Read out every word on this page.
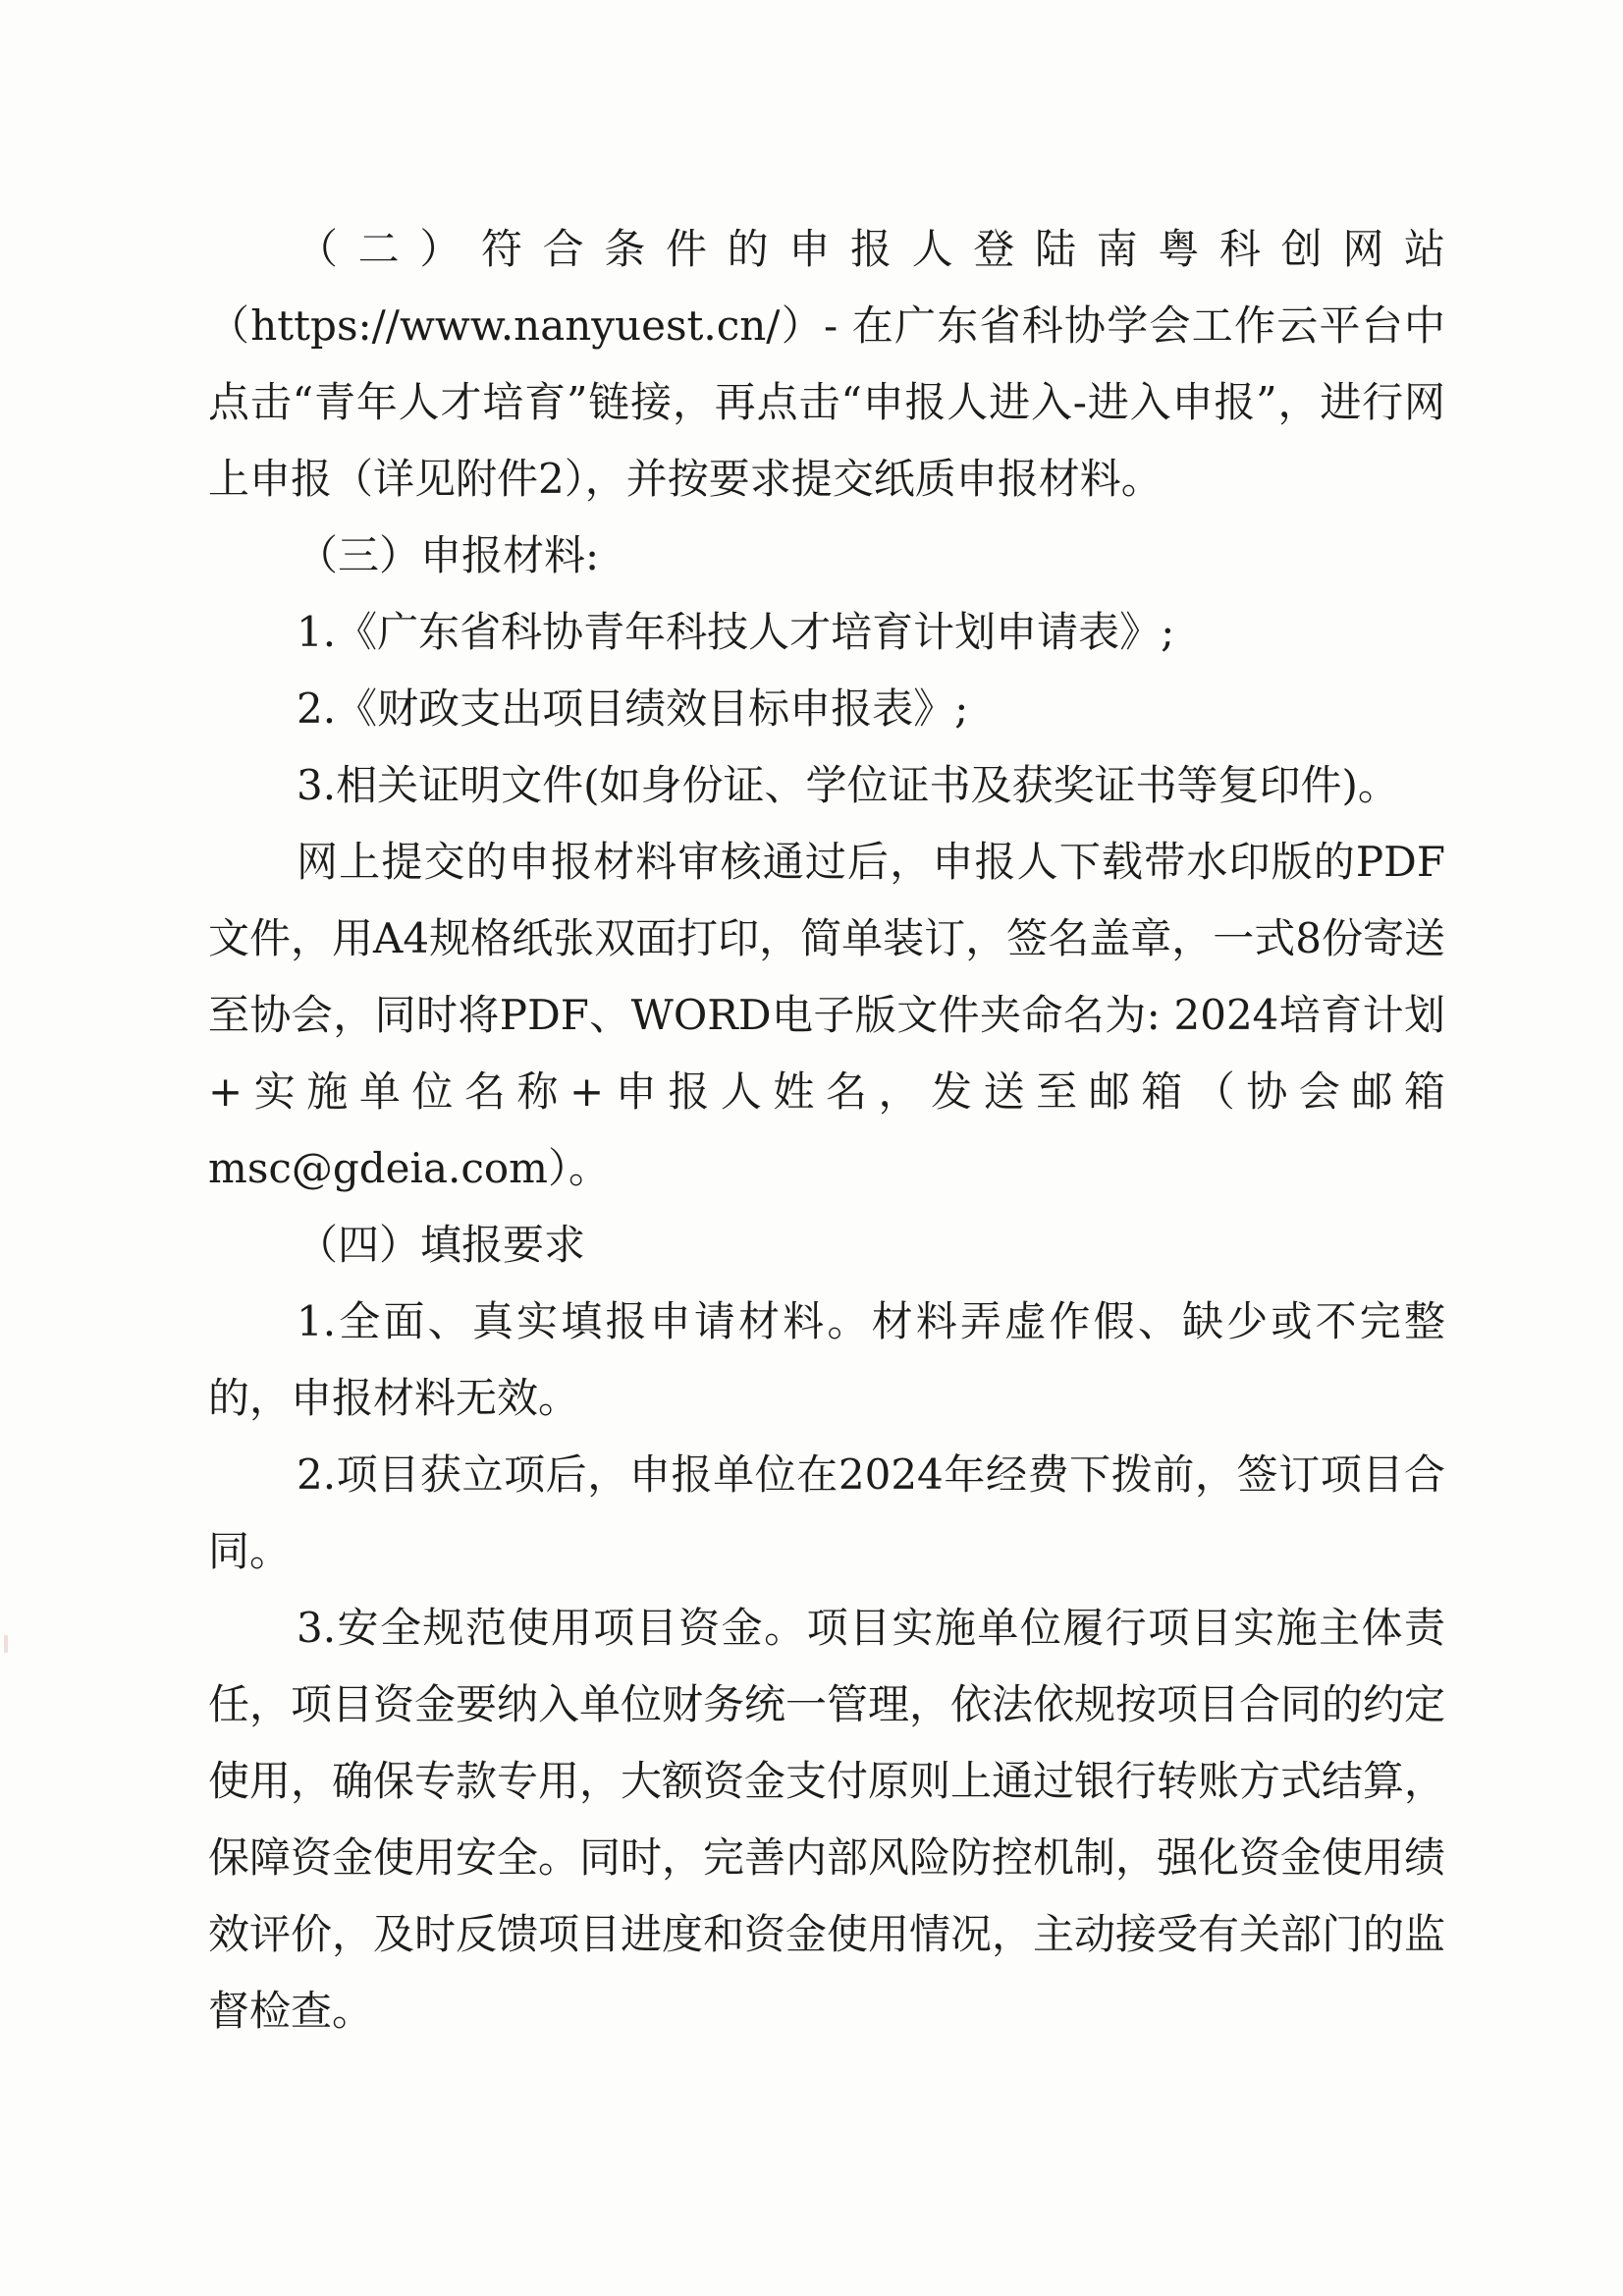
（二）符合条件的申报人登陆南粤科创网站（https://www.nanyuest.cn/）- 在广东省科协学会工作云平台中点击“青年人才培育”链接，再点击“申报人进入-进入申报”，进行网上申报（详见附件2），并按要求提交纸质申报材料。

（三）申报材料:

1.《广东省科协青年科技人才培育计划申请表》;

2.《财政支出项目绩效目标申报表》;

3.相关证明文件(如身份证、学位证书及获奖证书等复印件)。

网上提交的申报材料审核通过后，申报人下载带水印版的PDF文件，用A4规格纸张双面打印，简单装订，签名盖章，一式8份寄送至协会，同时将PDF、WORD电子版文件夹命名为: 2024培育计划+实施单位名称+申报人姓名，发送至邮箱（协会邮箱msc@gdeia.com）。

（四）填报要求

1.全面、真实填报申请材料。材料弄虚作假、缺少或不完整的，申报材料无效。

2.项目获立项后，申报单位在2024年经费下拨前，签订项目合同。

3.安全规范使用项目资金。项目实施单位履行项目实施主体责任，项目资金要纳入单位财务统一管理，依法依规按项目合同的约定使用，确保专款专用，大额资金支付原则上通过银行转账方式结算，保障资金使用安全。同时，完善内部风险防控机制，强化资金使用绩效评价，及时反馈项目进度和资金使用情况，主动接受有关部门的监督检查。
